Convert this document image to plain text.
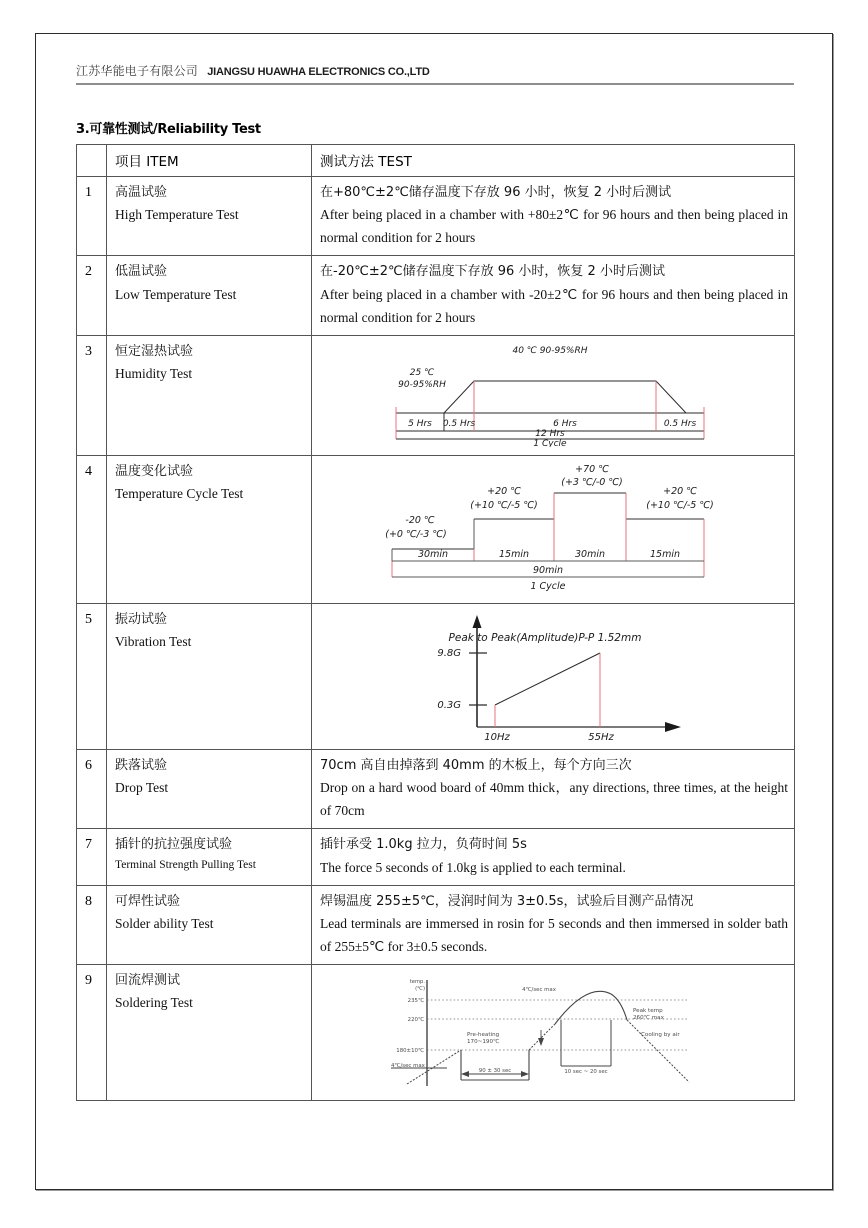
江苏华能电子有限公司 JIANGSU HUAWHA ELECTRONICS CO.,LTD
3.可靠性测试/Reliability Test
	项目 ITEM	测试方法 TEST
1	高温试验
High Temperature Test

在+80℃±2℃储存温度下存放 96 小时，恢复 2 小时后测试
After being placed in a chamber with +80±2℃ for 96 hours and then being placed in normal condition for 2 hours

2	低温试验
Low Temperature Test

在-20℃±2℃储存温度下存放 96 小时，恢复 2 小时后测试
After being placed in a chamber with -20±2℃ for 96 hours and then being placed in normal condition for 2 hours

3	恒定湿热试验
Humidity Test

40 ℃ 90-95%RH
25 ℃
90-95%RH
5 Hrs 0.5 Hrs	6 Hrs	0.5 Hrs
12 Hrs
1 Cycle

4	温度变化试验
Temperature Cycle Test

-20 ℃
(+0 ℃/-3 ℃)
+20 ℃
(+10 ℃/-5 ℃)
+70 ℃
(+3 ℃/-0 ℃)
+20 ℃
(+10 ℃/-5 ℃)
30min	15min	30min	15min
90min
1 Cycle

5	振动试验
Vibration Test	Peak to Peak(Amplitude)P-P 1.52mm
9.8G
0.3G
10Hz	55Hz

6	跌落试验
Drop Test

70cm 高自由掉落到 40mm 的木板上，每个方向三次
Drop on a hard wood board of 40mm thick，any directions, three times, at the height of 70cm

7	插针的抗拉强度试验
Terminal Strength Pulling Test

插针承受 1.0kg 拉力，负荷时间 5s
The force 5 seconds of 1.0kg is applied to each terminal.

8	可焊性试验
Solder ability Test

焊锡温度 255±5℃，浸润时间为 3±0.5s，试验后目测产品情况
Lead terminals are immersed in rosin for 5 seconds and then immersed in solder bath of 255±5℃ for 3±0.5 seconds.

9	回流焊测试
Soldering Test

temp.
(℃)
235℃
220℃
180±10℃
4℃/sec max
4℃/sec max
Pre-heating
170~190℃
90 ± 30 sec
Peak temp
260℃ max
Cooling by air
10 sec ~ 20 sec
